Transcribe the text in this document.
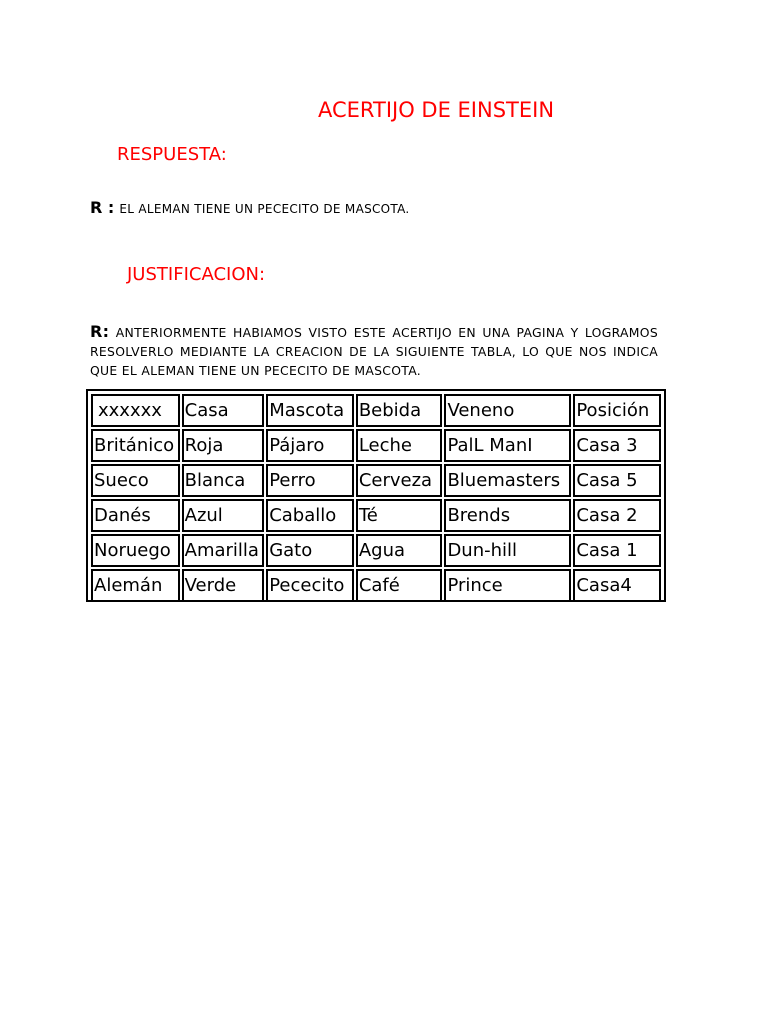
ACERTIJO DE EINSTEIN
RESPUESTA:
R : EL ALEMAN TIENE UN PECECITO DE MASCOTA.
JUSTIFICACION:
R: ANTERIORMENTE HABIAMOS VISTO ESTE ACERTIJO EN UNA PAGINA Y LOGRAMOS RESOLVERLO MEDIANTE LA CREACION DE LA SIGUIENTE TABLA, LO QUE NOS INDICA QUE EL ALEMAN TIENE UN PECECITO DE MASCOTA.
xxxxxx	Casa	Mascota	Bebida	Veneno	Posición
Británico	Roja	Pájaro	Leche	PalL ManI	Casa 3
Sueco	Blanca	Perro	Cerveza	Bluemasters	Casa 5
Danés	Azul	Caballo	Té	Brends	Casa 2
Noruego	Amarilla	Gato	Agua	Dun-hill	Casa 1
Alemán	Verde	Pececito	Café	Prince	Casa4
